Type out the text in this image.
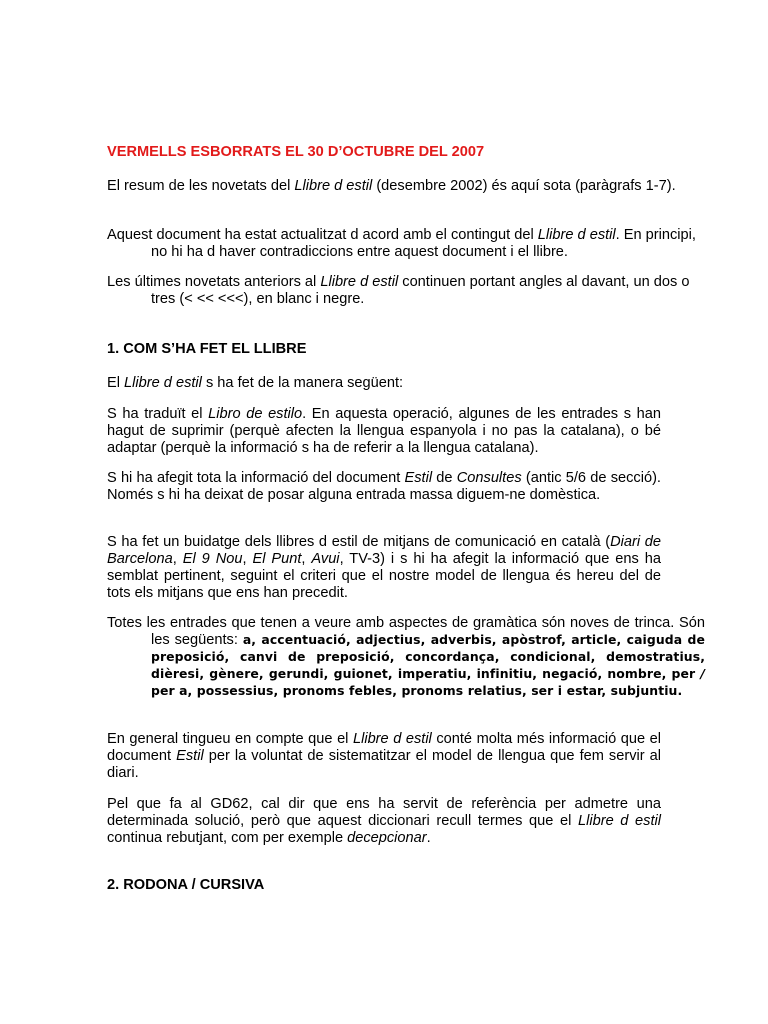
VERMELLS ESBORRATS EL 30 D’OCTUBRE DEL 2007

El resum de les novetats del Llibre d estil (desembre 2002) és aquí sota (paràgrafs 1-7).

Aquest document ha estat actualitzat d acord amb el contingut del Llibre d estil. En principi, no hi ha d haver contradiccions entre aquest document i el llibre.

Les últimes novetats anteriors al Llibre d estil continuen portant angles al davant, un dos o tres (< << <<<), en blanc i negre.

1. COM S’HA FET EL LLIBRE

El Llibre d estil s ha fet de la manera següent:

S ha traduït el Libro de estilo. En aquesta operació, algunes de les entrades s han hagut de suprimir (perquè afecten la llengua espanyola i no pas la catalana), o bé adaptar (perquè la informació s ha de referir a la llengua catalana).

S hi ha afegit tota la informació del document Estil de Consultes (antic 5/6 de secció). Només s hi ha deixat de posar alguna entrada massa diguem-ne domèstica.

S ha fet un buidatge dels llibres d estil de mitjans de comunicació en català (Diari de Barcelona, El 9 Nou, El Punt, Avui, TV-3) i s hi ha afegit la informació que ens ha semblat pertinent, seguint el criteri que el nostre model de llengua és hereu del de tots els mitjans que ens han precedit.

Totes les entrades que tenen a veure amb aspectes de gramàtica són noves de trinca. Són les següents: a, accentuació, adjectius, adverbis, apòstrof, article, caiguda de preposició, canvi de preposició, concordança, condicional, demostratius, dièresi, gènere, gerundi, guionet, imperatiu, infinitiu, negació, nombre, per / per a, possessius, pronoms febles, pronoms relatius, ser i estar, subjuntiu.

En general tingueu en compte que el Llibre d estil conté molta més informació que el document Estil per la voluntat de sistematitzar el model de llengua que fem servir al diari.

Pel que fa al GD62, cal dir que ens ha servit de referència per admetre una determinada solució, però que aquest diccionari recull termes que el Llibre d estil continua rebutjant, com per exemple decepcionar.

2. RODONA / CURSIVA
